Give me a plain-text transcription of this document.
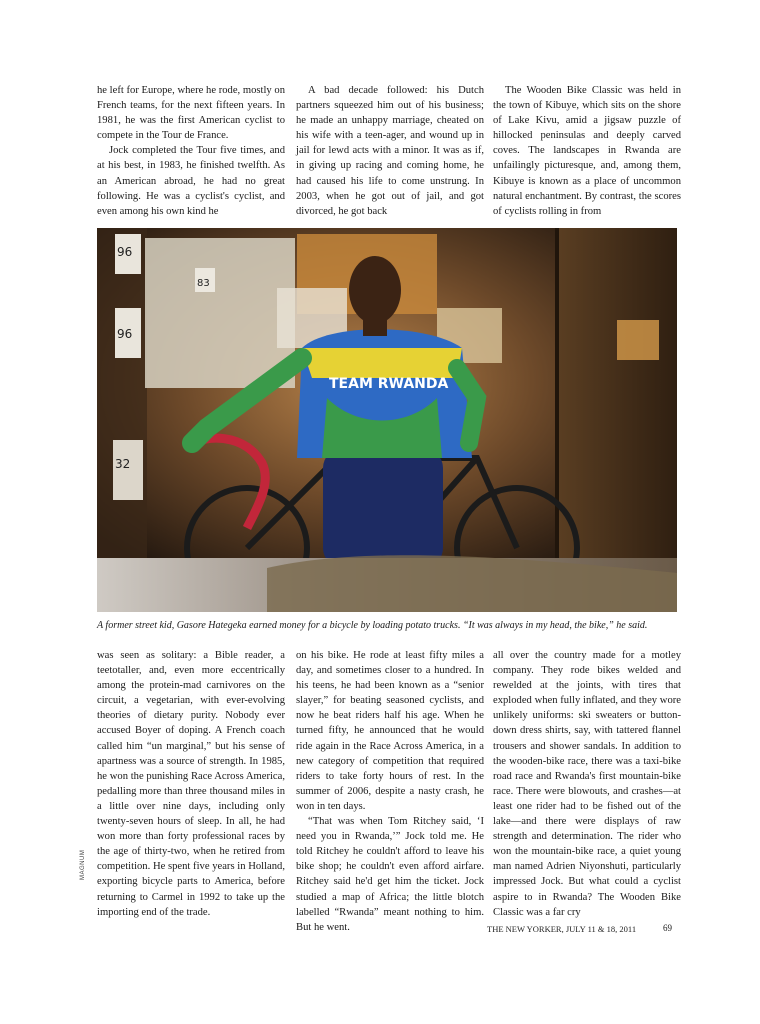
he left for Europe, where he rode, mostly on French teams, for the next fifteen years. In 1981, he was the first American cyclist to compete in the Tour de France.

Jock completed the Tour five times, and at his best, in 1983, he finished twelfth. As an American abroad, he had no great following. He was a cyclist's cyclist, and even among his own kind he

A bad decade followed: his Dutch partners squeezed him out of his business; he made an unhappy marriage, cheated on his wife with a teen-ager, and wound up in jail for lewd acts with a minor. It was as if, in giving up racing and coming home, he had caused his life to come unstrung. In 2003, when he got out of jail, and got divorced, he got back

The Wooden Bike Classic was held in the town of Kibuye, which sits on the shore of Lake Kivu, amid a jigsaw puzzle of hillocked peninsulas and deeply carved coves. The landscapes in Rwanda are unfailingly picturesque, and, among them, Kibuye is known as a place of uncommon natural enchantment. By contrast, the scores of cyclists rolling in from

96
83
96
32
TEAM RWANDA
A former street kid, Gasore Hategeka earned money for a bicycle by loading potato trucks. “It was always in my head, the bike,” he said.

was seen as solitary: a Bible reader, a teetotaller, and, even more eccentrically among the protein-mad carnivores on the circuit, a vegetarian, with ever-evolving theories of dietary purity. Nobody ever accused Boyer of doping. A French coach called him “un marginal,” but his sense of apartness was a source of strength. In 1985, he won the punishing Race Across America, pedalling more than three thousand miles in a little over nine days, including only twenty-seven hours of sleep. In all, he had won more than forty professional races by the age of thirty-two, when he retired from competition. He spent five years in Holland, exporting bicycle parts to America, before returning to Carmel in 1992 to take up the importing end of the trade.

on his bike. He rode at least fifty miles a day, and sometimes closer to a hundred. In his teens, he had been known as a “senior slayer,” for beating seasoned cyclists, and now he beat riders half his age. When he turned fifty, he announced that he would ride again in the Race Across America, in a new category of competition that required riders to take forty hours of rest. In the summer of 2006, despite a nasty crash, he won in ten days.

“That was when Tom Ritchey said, ‘I need you in Rwanda,’” Jock told me. He told Ritchey he couldn't afford to leave his bike shop; he couldn't even afford airfare. Ritchey said he'd get him the ticket. Jock studied a map of Africa; the little blotch labelled “Rwanda” meant nothing to him. But he went.

all over the country made for a motley company. They rode bikes welded and rewelded at the joints, with tires that exploded when fully inflated, and they wore unlikely uniforms: ski sweaters or button-down dress shirts, say, with tattered flannel trousers and shower sandals. In addition to the wooden-bike race, there was a taxi-bike road race and Rwanda's first mountain-bike race. There were blowouts, and crashes—at least one rider had to be fished out of the lake—and there were displays of raw strength and determination. The rider who won the mountain-bike race, a quiet young man named Adrien Niyonshuti, particularly impressed Jock. But what could a cyclist aspire to in Rwanda? The Wooden Bike Classic was a far cry

MAGNUM
THE NEW YORKER, JULY 11 & 18, 2011	69
